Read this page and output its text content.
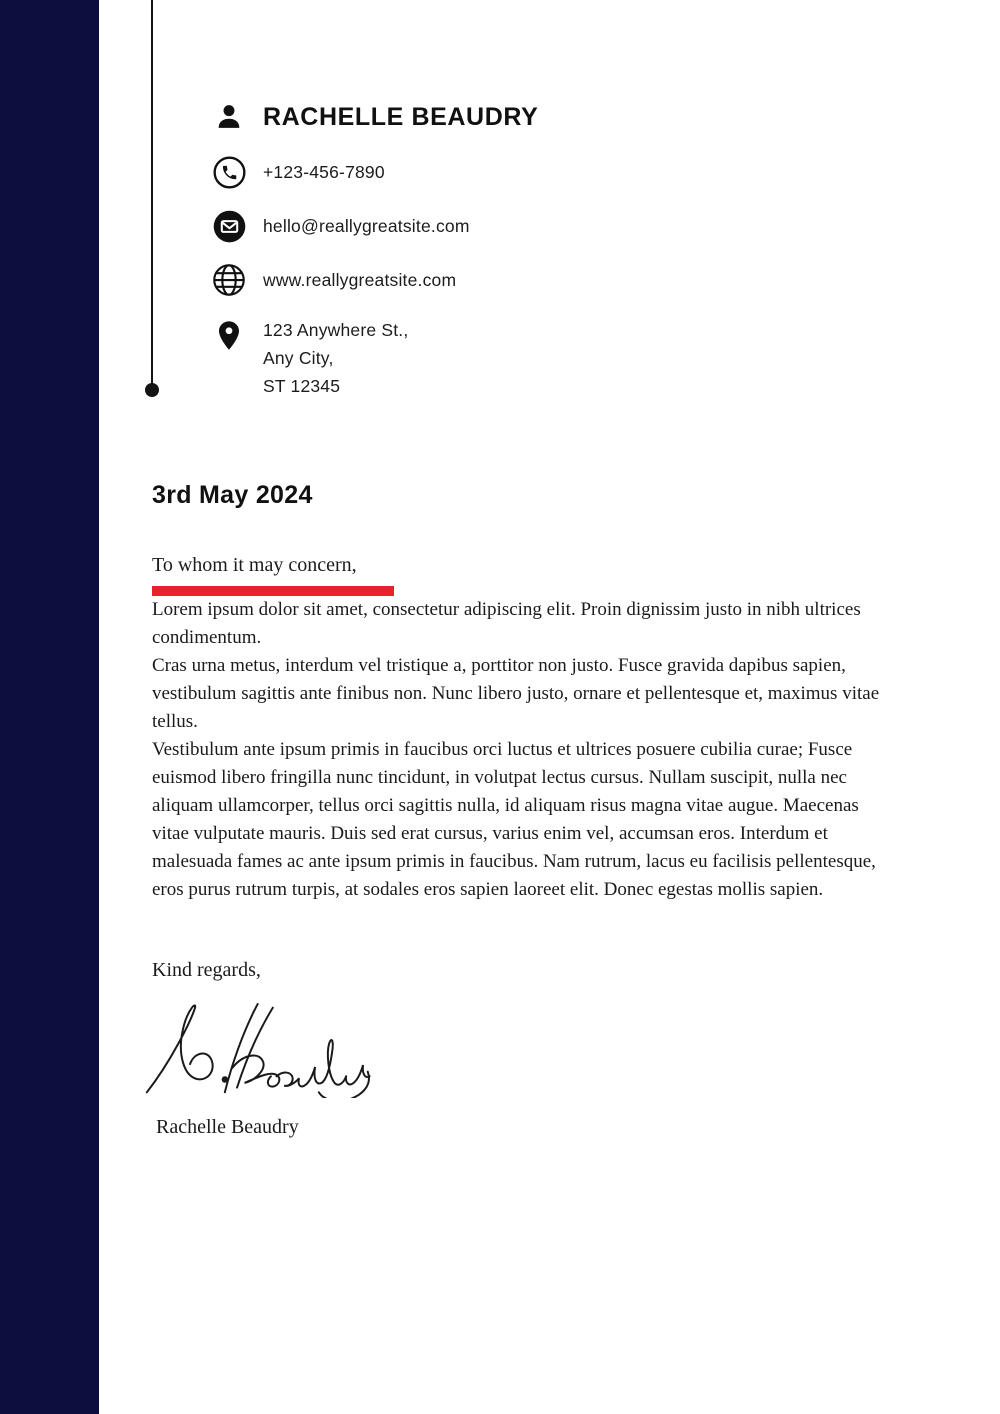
RACHELLE BEAUDRY
+123-456-7890
hello@reallygreatsite.com
www.reallygreatsite.com
123 Anywhere St.,
Any City,
ST 12345
3rd May 2024
To whom it may concern,

Lorem ipsum dolor sit amet, consectetur adipiscing elit. Proin dignissim justo in nibh ultrices condimentum.

Cras urna metus, interdum vel tristique a, porttitor non justo. Fusce gravida dapibus sapien, vestibulum sagittis ante finibus non. Nunc libero justo, ornare et pellentesque et, maximus vitae tellus.

Vestibulum ante ipsum primis in faucibus orci luctus et ultrices posuere cubilia curae; Fusce euismod libero fringilla nunc tincidunt, in volutpat lectus cursus. Nullam suscipit, nulla nec aliquam ullamcorper, tellus orci sagittis nulla, id aliquam risus magna vitae augue. Maecenas vitae vulputate mauris. Duis sed erat cursus, varius enim vel, accumsan eros. Interdum et malesuada fames ac ante ipsum primis in faucibus. Nam rutrum, lacus eu facilisis pellentesque, eros purus rutrum turpis, at sodales eros sapien laoreet elit. Donec egestas mollis sapien.

Kind regards,
Rachelle Beaudry
